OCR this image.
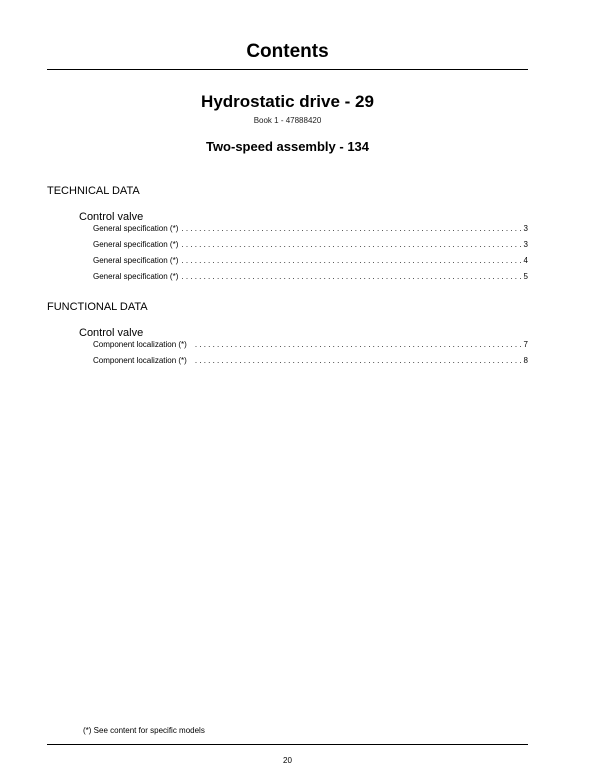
Contents
Hydrostatic drive - 29
Book 1 - 47888420
Two-speed assembly - 134
TECHNICAL DATA
Control valve
General specification (*) . . .	3
General specification (*) . . .	3
General specification (*) . . .	4
General specification (*) . . .	5
FUNCTIONAL DATA
Control valve
Component localization (*) . . .	7
Component localization (*) . . .	8
(*) See content for specific models
20
